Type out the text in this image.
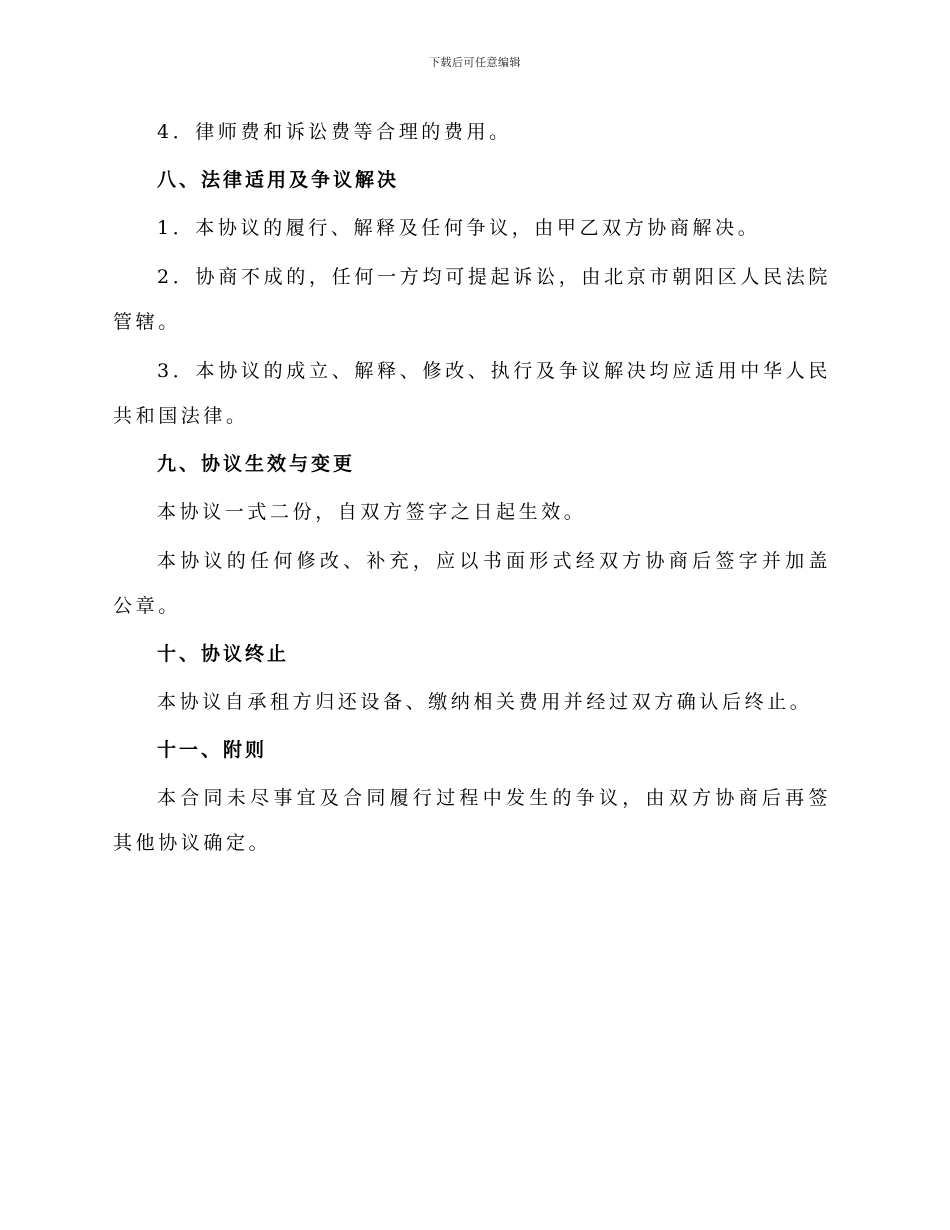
下载后可任意编辑

4．律师费和诉讼费等合理的费用。

八、法律适用及争议解决

1．本协议的履行、解释及任何争议，由甲乙双方协商解决。

2．协商不成的，任何一方均可提起诉讼，由北京市朝阳区人民法院管辖。

3．本协议的成立、解释、修改、执行及争议解决均应适用中华人民共和国法律。

九、协议生效与变更

本协议一式二份，自双方签字之日起生效。

本协议的任何修改、补充，应以书面形式经双方协商后签字并加盖公章。

十、协议终止

本协议自承租方归还设备、缴纳相关费用并经过双方确认后终止。

十一、附则

本合同未尽事宜及合同履行过程中发生的争议，由双方协商后再签其他协议确定。
